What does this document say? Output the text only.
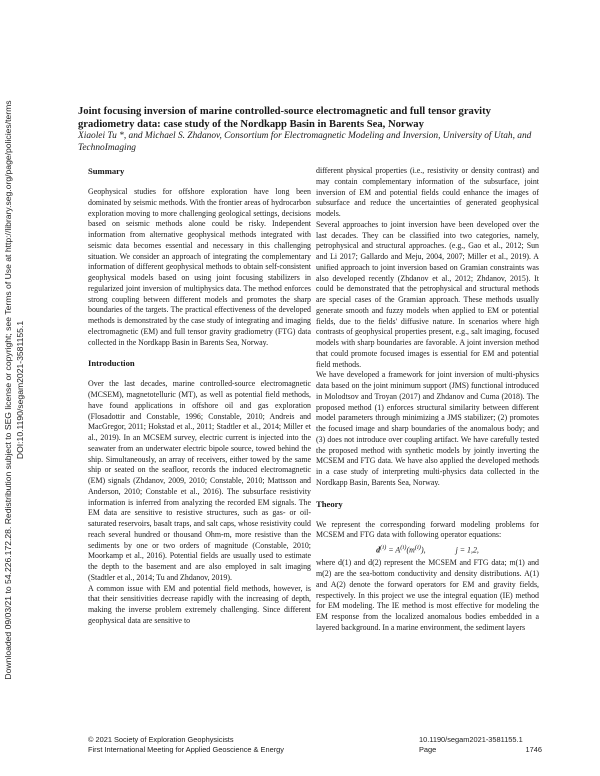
Downloaded 09/03/21 to 54.226.172.28. Redistribution subject to SEG license or copyright; see Terms of Use at http://library.seg.org/page/policies/terms DOI:10.1190/segam2021-3581155.1
Joint focusing inversion of marine controlled-source electromagnetic and full tensor gravity gradiometry data: case study of the Nordkapp Basin in Barents Sea, Norway

Xiaolei Tu *, and Michael S. Zhdanov, Consortium for Electromagnetic Modeling and Inversion, University of Utah, and TechnoImaging

Summary

Geophysical studies for offshore exploration have long been dominated by seismic methods. With the frontier areas of hydrocarbon exploration moving to more challenging geological settings, decisions based on seismic methods alone could be risky. Independent information from alternative geophysical methods integrated with seismic data becomes essential and necessary in this challenging situation. We consider an approach of integrating the complementary information of different geophysical methods to obtain self-consistent geophysical models based on using joint focusing stabilizers in regularized joint inversion of multiphysics data. The method enforces strong coupling between different models and promotes the sharp boundaries of the targets. The practical effectiveness of the developed methods is demonstrated by the case study of integrating and imaging electromagnetic (EM) and full tensor gravity gradiometry (FTG) data collected in the Nordkapp Basin in Barents Sea, Norway.

Introduction

Over the last decades, marine controlled-source electromagnetic (MCSEM), magnetotelluric (MT), as well as potential field methods, have found applications in offshore oil and gas exploration (Flosadottir and Constable, 1996; Constable, 2010; Andreis and MacGregor, 2011; Hokstad et al., 2011; Stadtler et al., 2014; Miller et al., 2019). In an MCSEM survey, electric current is injected into the seawater from an underwater electric bipole source, towed behind the ship. Simultaneously, an array of receivers, either towed by the same ship or seated on the seafloor, records the induced electromagnetic (EM) signals (Zhdanov, 2009, 2010; Constable, 2010; Mattsson and Anderson, 2010; Constable et al., 2016). The subsurface resistivity information is inferred from analyzing the recorded EM signals. The EM data are sensitive to resistive structures, such as gas- or oil-saturated reservoirs, basalt traps, and salt caps, whose resistivity could reach several hundred or thousand Ohm-m, more resistive than the sediments by one or two orders of magnitude (Constable, 2010; Moorkamp et al., 2016). Potential fields are usually used to estimate the depth to the basement and are also employed in salt imaging (Stadtler et al., 2014; Tu and Zhdanov, 2019).

A common issue with EM and potential field methods, however, is that their sensitivities decrease rapidly with the increasing of depth, making the inverse problem extremely challenging. Since different geophysical data are sensitive to

different physical properties (i.e., resistivity or density contrast) and may contain complementary information of the subsurface, joint inversion of EM and potential fields could enhance the images of subsurface and reduce the uncertainties of generated geophysical models.

Several approaches to joint inversion have been developed over the last decades. They can be classified into two categories, namely, petrophysical and structural approaches. (e.g., Gao et al., 2012; Sun and Li 2017; Gallardo and Meju, 2004, 2007; Miller et al., 2019). A unified approach to joint inversion based on Gramian constraints was also developed recently (Zhdanov et al., 2012; Zhdanov, 2015). It could be demonstrated that the petrophysical and structural methods are special cases of the Gramian approach. These methods usually generate smooth and fuzzy models when applied to EM or potential fields, due to the fields' diffusive nature. In scenarios where high contrasts of geophysical properties present, e.g., salt imaging, focused models with sharp boundaries are favorable. A joint inversion method that could promote focused images is essential for EM and potential field methods.

We have developed a framework for joint inversion of multi-physics data based on the joint minimum support (JMS) functional introduced in Molodtsov and Troyan (2017) and Zhdanov and Cuma (2018). The proposed method (1) enforces structural similarity between different model parameters through minimizing a JMS stabilizer; (2) promotes the focused image and sharp boundaries of the anomalous body; and (3) does not introduce over coupling artifact. We have carefully tested the proposed method with synthetic models by jointly inverting the MCSEM and FTG data. We have also applied the developed methods in a case study of interpreting multi-physics data collected in the Nordkapp Basin, Barents Sea, Norway.

Theory

We represent the corresponding forward modeling problems for MCSEM and FTG data with following operator equations:

$d^{(i)} = A^{(i)}(m^{(i)})$,	j = 1,2,

where d(1) and d(2) represent the MCSEM and FTG data; m(1) and m(2) are the sea-bottom conductivity and density distributions. A(1) and A(2) denote the forward operators for EM and gravity fields, respectively. In this project we use the integral equation (IE) method for EM modeling. The IE method is most effective for modeling the EM response from the localized anomalous bodies embedded in a layered background. In a marine environment, the sediment layers

© 2021 Society of Exploration Geophysicists
First International Meeting for Applied Geoscience & Energy
10.1190/segam2021-3581155.1
Page	1746
